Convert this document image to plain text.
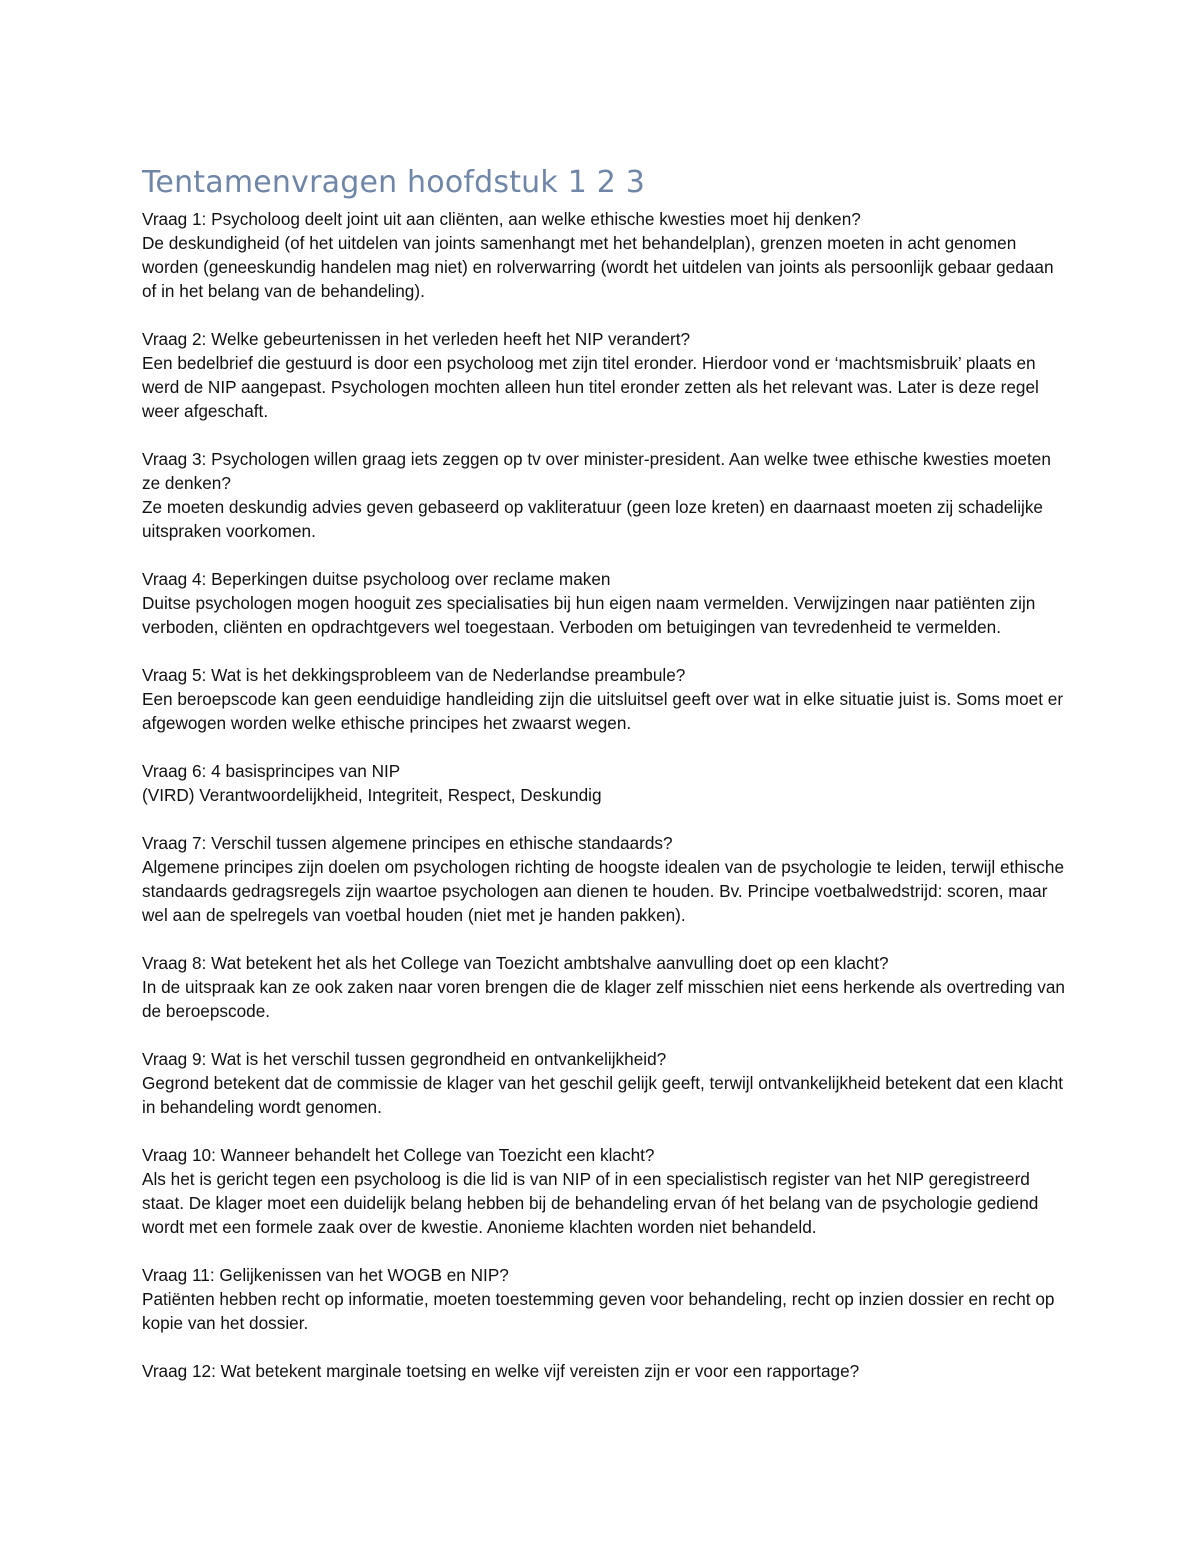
Tentamenvragen hoofdstuk 1 2 3

Vraag 1: Psycholoog deelt joint uit aan cliënten, aan welke ethische kwesties moet hij denken?

De deskundigheid (of het uitdelen van joints samenhangt met het behandelplan), grenzen moeten in acht genomen worden (geneeskundig handelen mag niet) en rolverwarring (wordt het uitdelen van joints als persoonlijk gebaar gedaan of in het belang van de behandeling).

Vraag 2: Welke gebeurtenissen in het verleden heeft het NIP verandert?

Een bedelbrief die gestuurd is door een psycholoog met zijn titel eronder. Hierdoor vond er ‘machtsmisbruik’ plaats en werd de NIP aangepast. Psychologen mochten alleen hun titel eronder zetten als het relevant was. Later is deze regel weer afgeschaft.

Vraag 3: Psychologen willen graag iets zeggen op tv over minister-president. Aan welke twee ethische kwesties moeten ze denken?

Ze moeten deskundig advies geven gebaseerd op vakliteratuur (geen loze kreten) en daarnaast moeten zij schadelijke uitspraken voorkomen.

Vraag 4: Beperkingen duitse psycholoog over reclame maken

Duitse psychologen mogen hooguit zes specialisaties bij hun eigen naam vermelden. Verwijzingen naar patiënten zijn verboden, cliënten en opdrachtgevers wel toegestaan. Verboden om betuigingen van tevredenheid te vermelden.

Vraag 5: Wat is het dekkingsprobleem van de Nederlandse preambule?

Een beroepscode kan geen eenduidige handleiding zijn die uitsluitsel geeft over wat in elke situatie juist is. Soms moet er afgewogen worden welke ethische principes het zwaarst wegen.

Vraag 6: 4 basisprincipes van NIP

(VIRD) Verantwoordelijkheid, Integriteit, Respect, Deskundig

Vraag 7: Verschil tussen algemene principes en ethische standaards?

Algemene principes zijn doelen om psychologen richting de hoogste idealen van de psychologie te leiden, terwijl ethische standaards gedragsregels zijn waartoe psychologen aan dienen te houden. Bv. Principe voetbalwedstrijd: scoren, maar wel aan de spelregels van voetbal houden (niet met je handen pakken).

Vraag 8: Wat betekent het als het College van Toezicht ambtshalve aanvulling doet op een klacht?

In de uitspraak kan ze ook zaken naar voren brengen die de klager zelf misschien niet eens herkende als overtreding van de beroepscode.

Vraag 9: Wat is het verschil tussen gegrondheid en ontvankelijkheid?

Gegrond betekent dat de commissie de klager van het geschil gelijk geeft, terwijl ontvankelijkheid betekent dat een klacht in behandeling wordt genomen.

Vraag 10: Wanneer behandelt het College van Toezicht een klacht?

Als het is gericht tegen een psycholoog is die lid is van NIP of in een specialistisch register van het NIP geregistreerd staat. De klager moet een duidelijk belang hebben bij de behandeling ervan óf het belang van de psychologie gediend wordt met een formele zaak over de kwestie. Anonieme klachten worden niet behandeld.

Vraag 11: Gelijkenissen van het WOGB en NIP?

Patiënten hebben recht op informatie, moeten toestemming geven voor behandeling, recht op inzien dossier en recht op kopie van het dossier.

Vraag 12: Wat betekent marginale toetsing en welke vijf vereisten zijn er voor een rapportage?
